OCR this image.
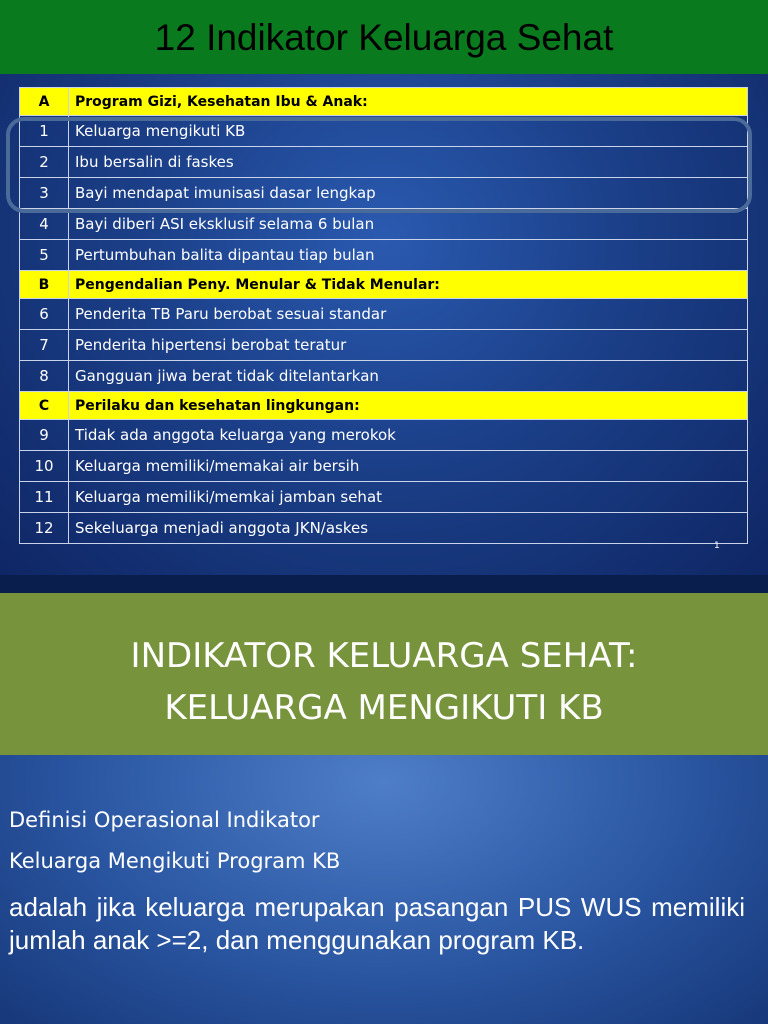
12 Indikator Keluarga Sehat
A	Program Gizi, Kesehatan Ibu & Anak:
1	Keluarga mengikuti KB
2	Ibu bersalin di faskes
3	Bayi mendapat imunisasi dasar lengkap
4	Bayi diberi ASI eksklusif selama 6 bulan
5	Pertumbuhan balita dipantau tiap bulan
B	Pengendalian Peny. Menular & Tidak Menular:
6	Penderita TB Paru berobat sesuai standar
7	Penderita hipertensi berobat teratur
8	Gangguan jiwa berat tidak ditelantarkan
C	Perilaku dan kesehatan lingkungan:
9	Tidak ada anggota keluarga yang merokok
10	Keluarga memiliki/memakai air bersih
11	Keluarga memiliki/memkai jamban sehat
12	Sekeluarga menjadi anggota JKN/askes
1
INDIKATOR KELUARGA SEHAT:
KELUARGA MENGIKUTI KB
Definisi Operasional Indikator
Keluarga Mengikuti Program KB
adalah jika keluarga merupakan pasangan PUS WUS memiliki jumlah anak >=2, dan menggunakan program KB.
